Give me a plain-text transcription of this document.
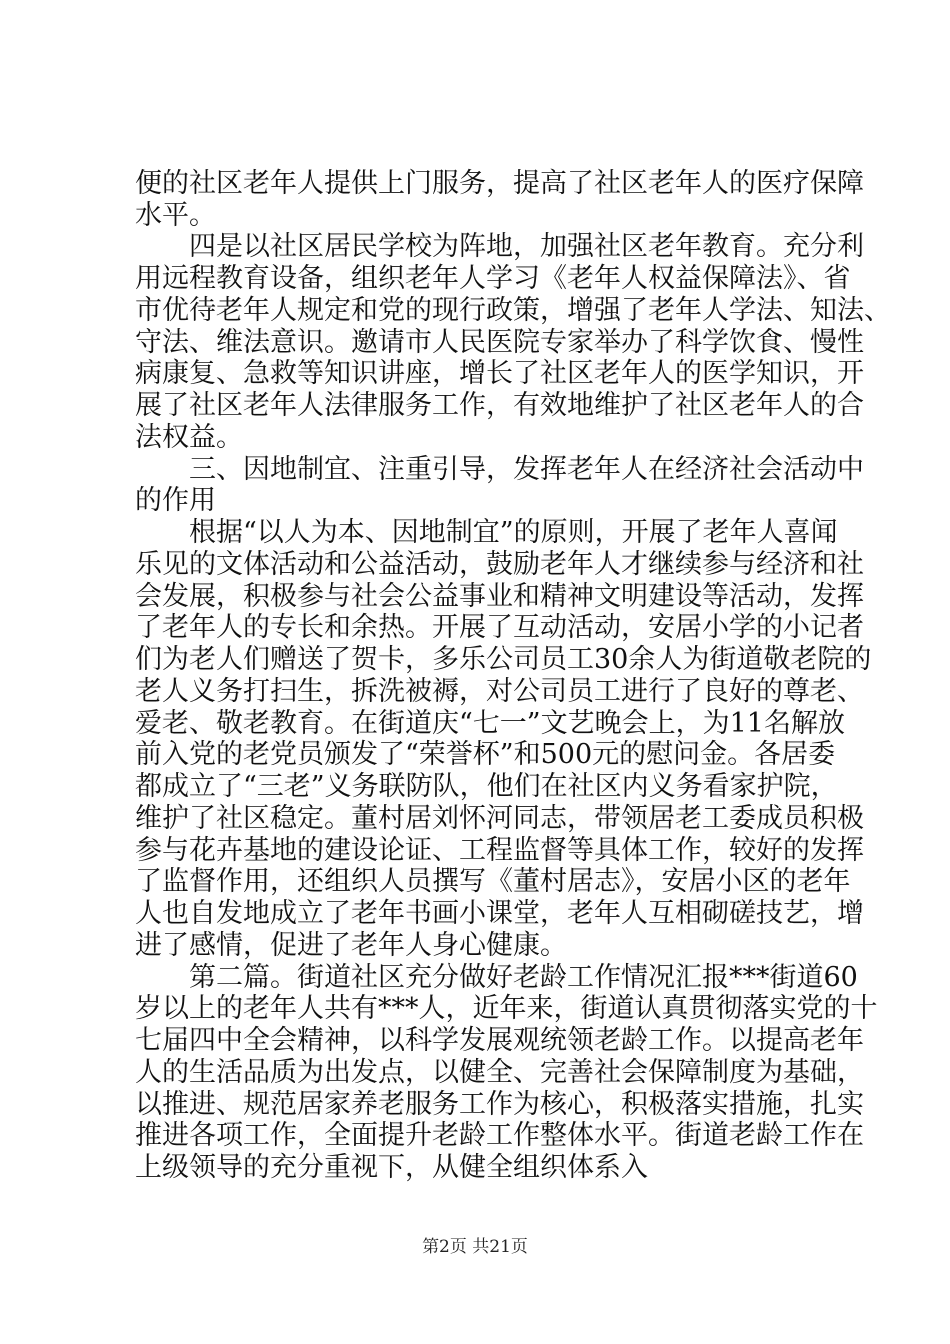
便的社区老年人提供上门服务，提高了社区老年人的医疗保障
水平。
四是以社区居民学校为阵地，加强社区老年教育。充分利
用远程教育设备，组织老年人学习《老年人权益保障法》、省
市优待老年人规定和党的现行政策，增强了老年人学法、知法、
守法、维法意识。邀请市人民医院专家举办了科学饮食、慢性
病康复、急救等知识讲座，增长了社区老年人的医学知识，开
展了社区老年人法律服务工作，有效地维护了社区老年人的合
法权益。
三、因地制宜、注重引导，发挥老年人在经济社会活动中
的作用
根据“以人为本、因地制宜”的原则，开展了老年人喜闻
乐见的文体活动和公益活动，鼓励老年人才继续参与经济和社
会发展，积极参与社会公益事业和精神文明建设等活动，发挥
了老年人的专长和余热。开展了互动活动，安居小学的小记者
们为老人们赠送了贺卡，多乐公司员工30余人为街道敬老院的
老人义务打扫生，拆洗被褥，对公司员工进行了良好的尊老、
爱老、敬老教育。在街道庆“七一”文艺晚会上，为11名解放
前入党的老党员颁发了“荣誉杯”和500元的慰问金。各居委
都成立了“三老”义务联防队，他们在社区内义务看家护院，
维护了社区稳定。董村居刘怀河同志，带领居老工委成员积极
参与花卉基地的建设论证、工程监督等具体工作，较好的发挥
了监督作用，还组织人员撰写《董村居志》，安居小区的老年
人也自发地成立了老年书画小课堂，老年人互相砌磋技艺，增
进了感情，促进了老年人身心健康。
第二篇。街道社区充分做好老龄工作情况汇报***街道60
岁以上的老年人共有***人，近年来，街道认真贯彻落实党的十
七届四中全会精神，以科学发展观统领老龄工作。以提高老年
人的生活品质为出发点，以健全、完善社会保障制度为基础，
以推进、规范居家养老服务工作为核心，积极落实措施，扎实
推进各项工作，全面提升老龄工作整体水平。街道老龄工作在
上级领导的充分重视下，从健全组织体系入
第2页 共21页
